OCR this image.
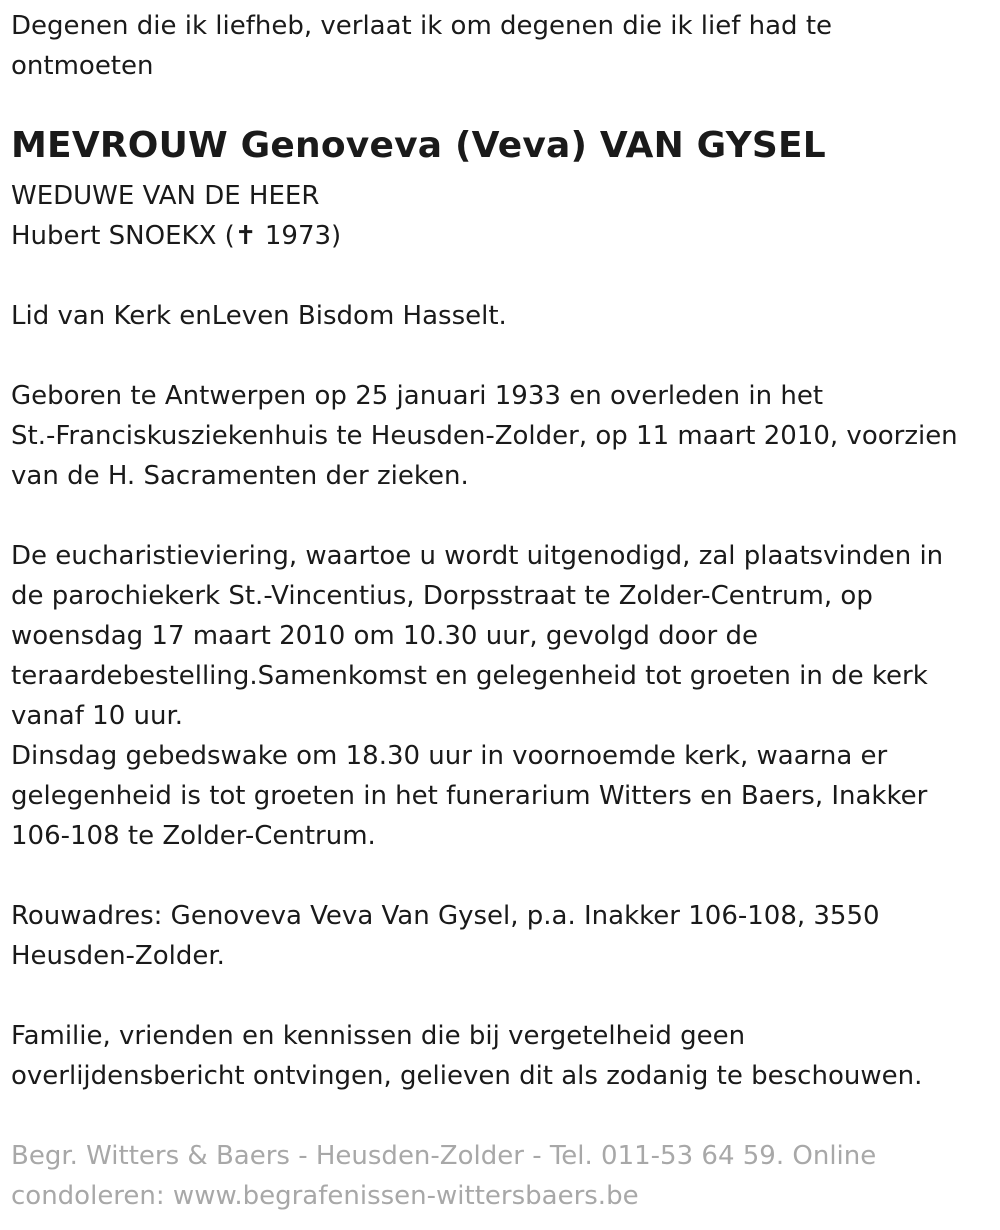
Degenen die ik liefheb, verlaat ik om degenen die ik lief had te

ontmoeten

MEVROUW Genoveva (Veva) VAN GYSEL

WEDUWE VAN DE HEER

Hubert SNOEKX (✝ 1973)

Lid van Kerk enLeven Bisdom Hasselt.

Geboren te Antwerpen op 25 januari 1933 en overleden in het

St.-Franciskusziekenhuis te Heusden-Zolder, op 11 maart 2010, voorzien

van de H. Sacramenten der zieken.

De eucharistieviering, waartoe u wordt uitgenodigd, zal plaatsvinden in

de parochiekerk St.-Vincentius, Dorpsstraat te Zolder-Centrum, op

woensdag 17 maart 2010 om 10.30 uur, gevolgd door de

teraardebestelling.Samenkomst en gelegenheid tot groeten in de kerk

vanaf 10 uur.

Dinsdag gebedswake om 18.30 uur in voornoemde kerk, waarna er

gelegenheid is tot groeten in het funerarium Witters en Baers, Inakker

106-108 te Zolder-Centrum.

Rouwadres: Genoveva Veva Van Gysel, p.a. Inakker 106-108, 3550

Heusden-Zolder.

Familie, vrienden en kennissen die bij vergetelheid geen

overlijdensbericht ontvingen, gelieven dit als zodanig te beschouwen.

Begr. Witters & Baers - Heusden-Zolder - Tel. 011-53 64 59. Online

condoleren: www.begrafenissen-wittersbaers.be
